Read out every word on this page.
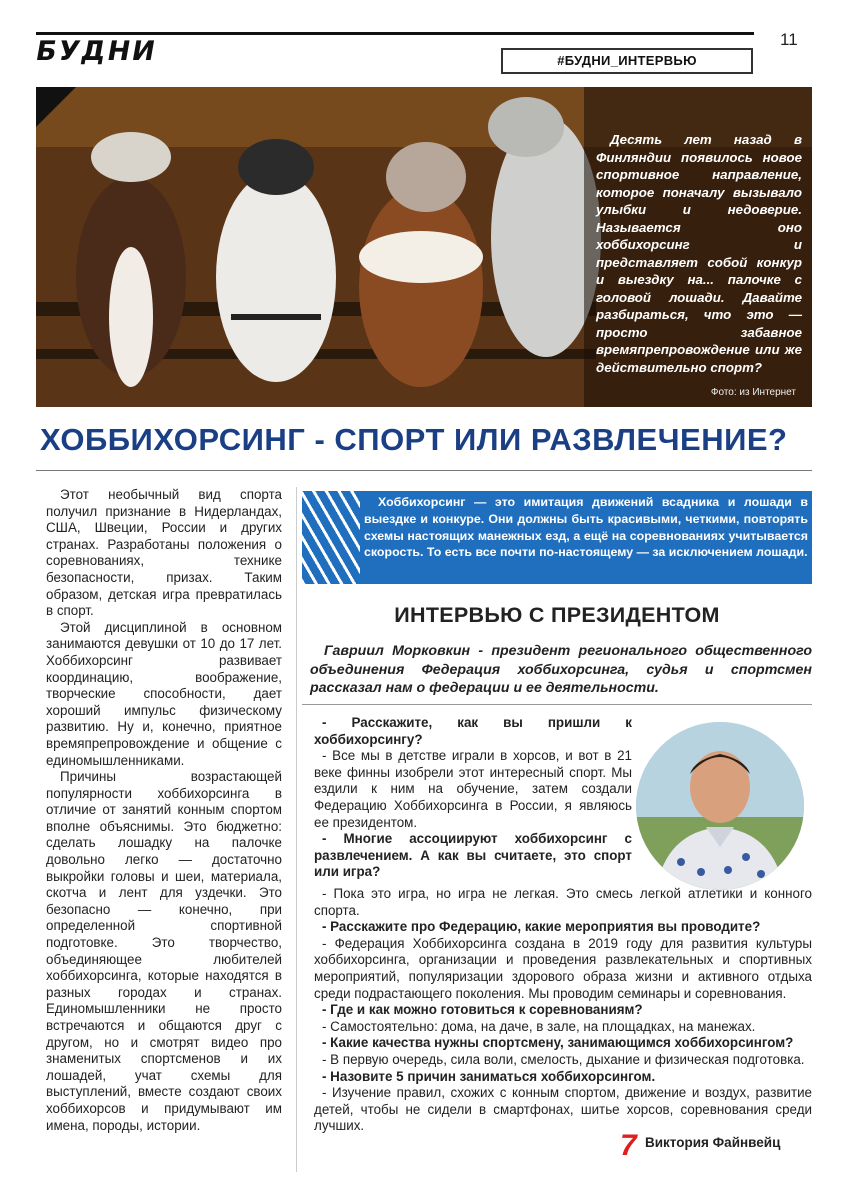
БУДНИ	11
#БУДНИ_ИНТЕРВЬЮ
Десять лет назад в Финляндии появилось новое спортивное направление, которое поначалу вызывало улыбки и недоверие. Называется оно хоббихорсинг и представляет собой конкур и выездку на... палочке с головой лошади. Давайте разбираться, что это — просто забавное времяпрепровождение или же действительно спорт?
Фото: из Интернет
ХОББИХОРСИНГ - СПОРТ ИЛИ РАЗВЛЕЧЕНИЕ?

Этот необычный вид спорта получил признание в Нидерландах, США, Швеции, России и других странах. Разработаны положения о соревнованиях, технике безопасности, призах. Таким образом, детская игра превратилась в спорт.

Этой дисциплиной в основном занимаются девушки от 10 до 17 лет. Хоббихорсинг развивает координацию, воображение, творческие способности, дает хороший импульс физическому развитию. Ну и, конечно, приятное времяпрепровождение и общение с единомышленниками.

Причины возрастающей популярности хоббихорсинга в отличие от занятий конным спортом вполне объяснимы. Это бюджетно: сделать лошадку на палочке довольно легко — достаточно выкройки головы и шеи, материала, скотча и лент для уздечки. Это безопасно — конечно, при определенной спортивной подготовке. Это творчество, объединяющее любителей хоббихорсинга, которые находятся в разных городах и странах. Единомышленники не просто встречаются и общаются друг с другом, но и смотрят видео про знаменитых спортсменов и их лошадей, учат схемы для выступлений, вместе создают своих хоббихорсов и придумывают им имена, породы, истории.

Хоббихорсинг — это имитация движений всадника и лошади в выездке и конкуре. Они должны быть красивыми, четкими, повторять схемы настоящих манежных езд, а ещё на соревнованиях учитывается скорость. То есть все почти по-настоящему — за исключением лошади.
ИНТЕРВЬЮ С ПРЕЗИДЕНТОМ
Гавриил Морковкин - президент регионального общественного объединения Федерация хоббихорсинга, судья и спортсмен рассказал нам о федерации и ее деятельности.

- Расскажите, как вы пришли к хоббихорсингу?

- Все мы в детстве играли в хорсов, и вот в 21 веке финны изобрели этот интересный спорт. Мы ездили к ним на обучение, затем создали Федерацию Хоббихорсинга в России, я являюсь ее президентом.

- Многие ассоциируют хоббихорсинг с развлечением. А как вы считаете, это спорт или игра?

- Пока это игра, но игра не легкая. Это смесь легкой атлетики и конного спорта.

- Расскажите про Федерацию, какие мероприятия вы проводите?

- Федерация Хоббихорсинга создана в 2019 году для развития культуры хоббихорсинга, организации и проведения развлекательных и спортивных мероприятий, популяризации здорового образа жизни и активного отдыха среди подрастающего поколения. Мы проводим семинары и соревнования.

- Где и как можно готовиться к соревнованиям?

- Самостоятельно: дома, на даче, в зале, на площадках, на манежах.

- Какие качества нужны спортсмену, занимающимся хоббихорсингом?

- В первую очередь, сила воли, смелость, дыхание и физическая подготовка.

- Назовите 5 причин заниматься хоббихорсингом.

- Изучение правил, схожих с конным спортом, движение и воздух, развитие детей, чтобы не сидели в смартфонах, шитье хорсов, соревнования среди лучших.

7 Виктория Файнвейц
